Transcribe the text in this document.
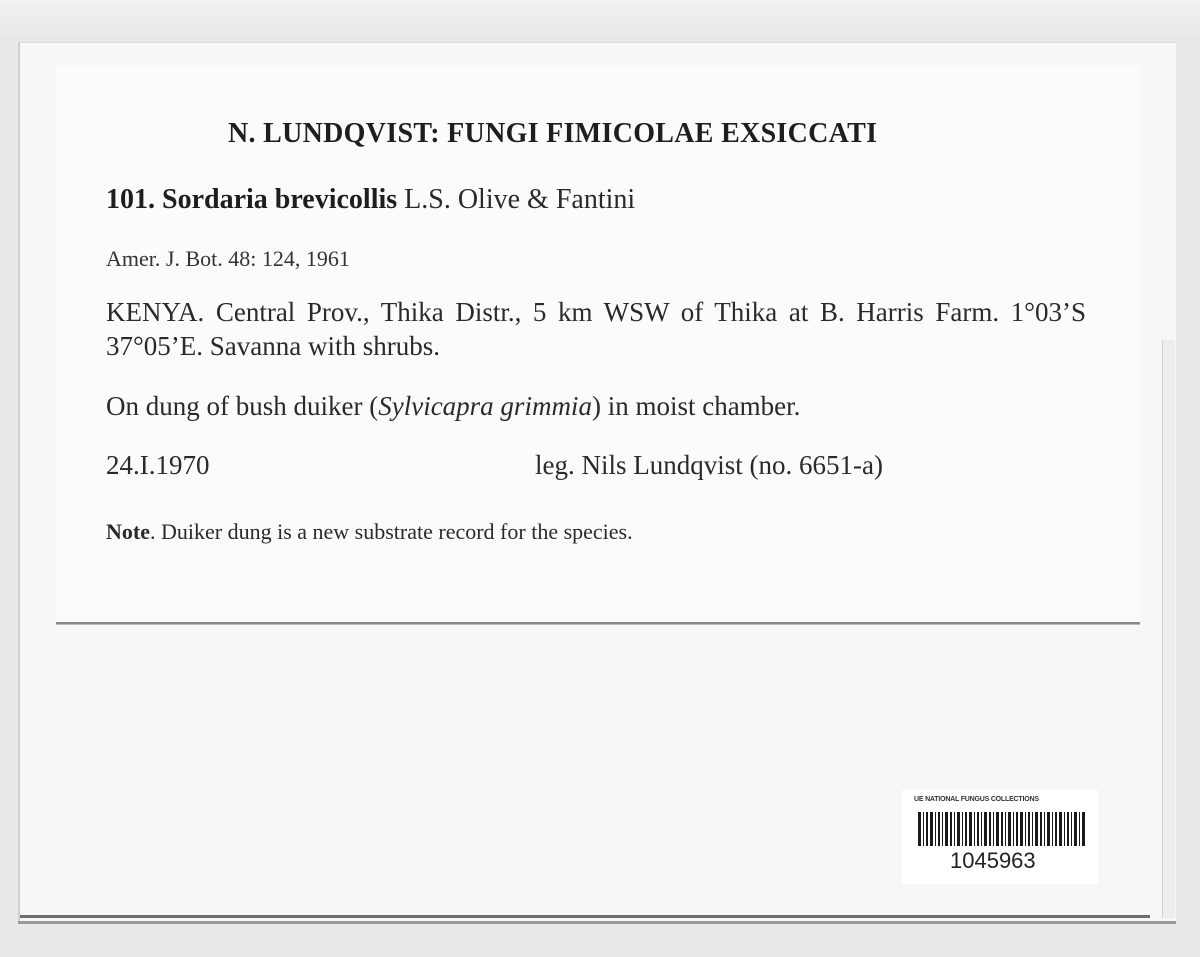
N. LUNDQVIST: FUNGI FIMICOLAE EXSICCATI
101. Sordaria brevicollis L.S. Olive & Fantini
Amer. J. Bot. 48: 124, 1961
KENYA. Central Prov., Thika Distr., 5 km WSW of Thika at B. Harris Farm. 1°03’S 37°05’E. Savanna with shrubs.
On dung of bush duiker (Sylvicapra grimmia) in moist chamber.
24.I.1970	leg. Nils Lundqvist (no. 6651-a)
Note. Duiker dung is a new substrate record for the species.
UE NATIONAL FUNGUS COLLECTIONS
1045963
